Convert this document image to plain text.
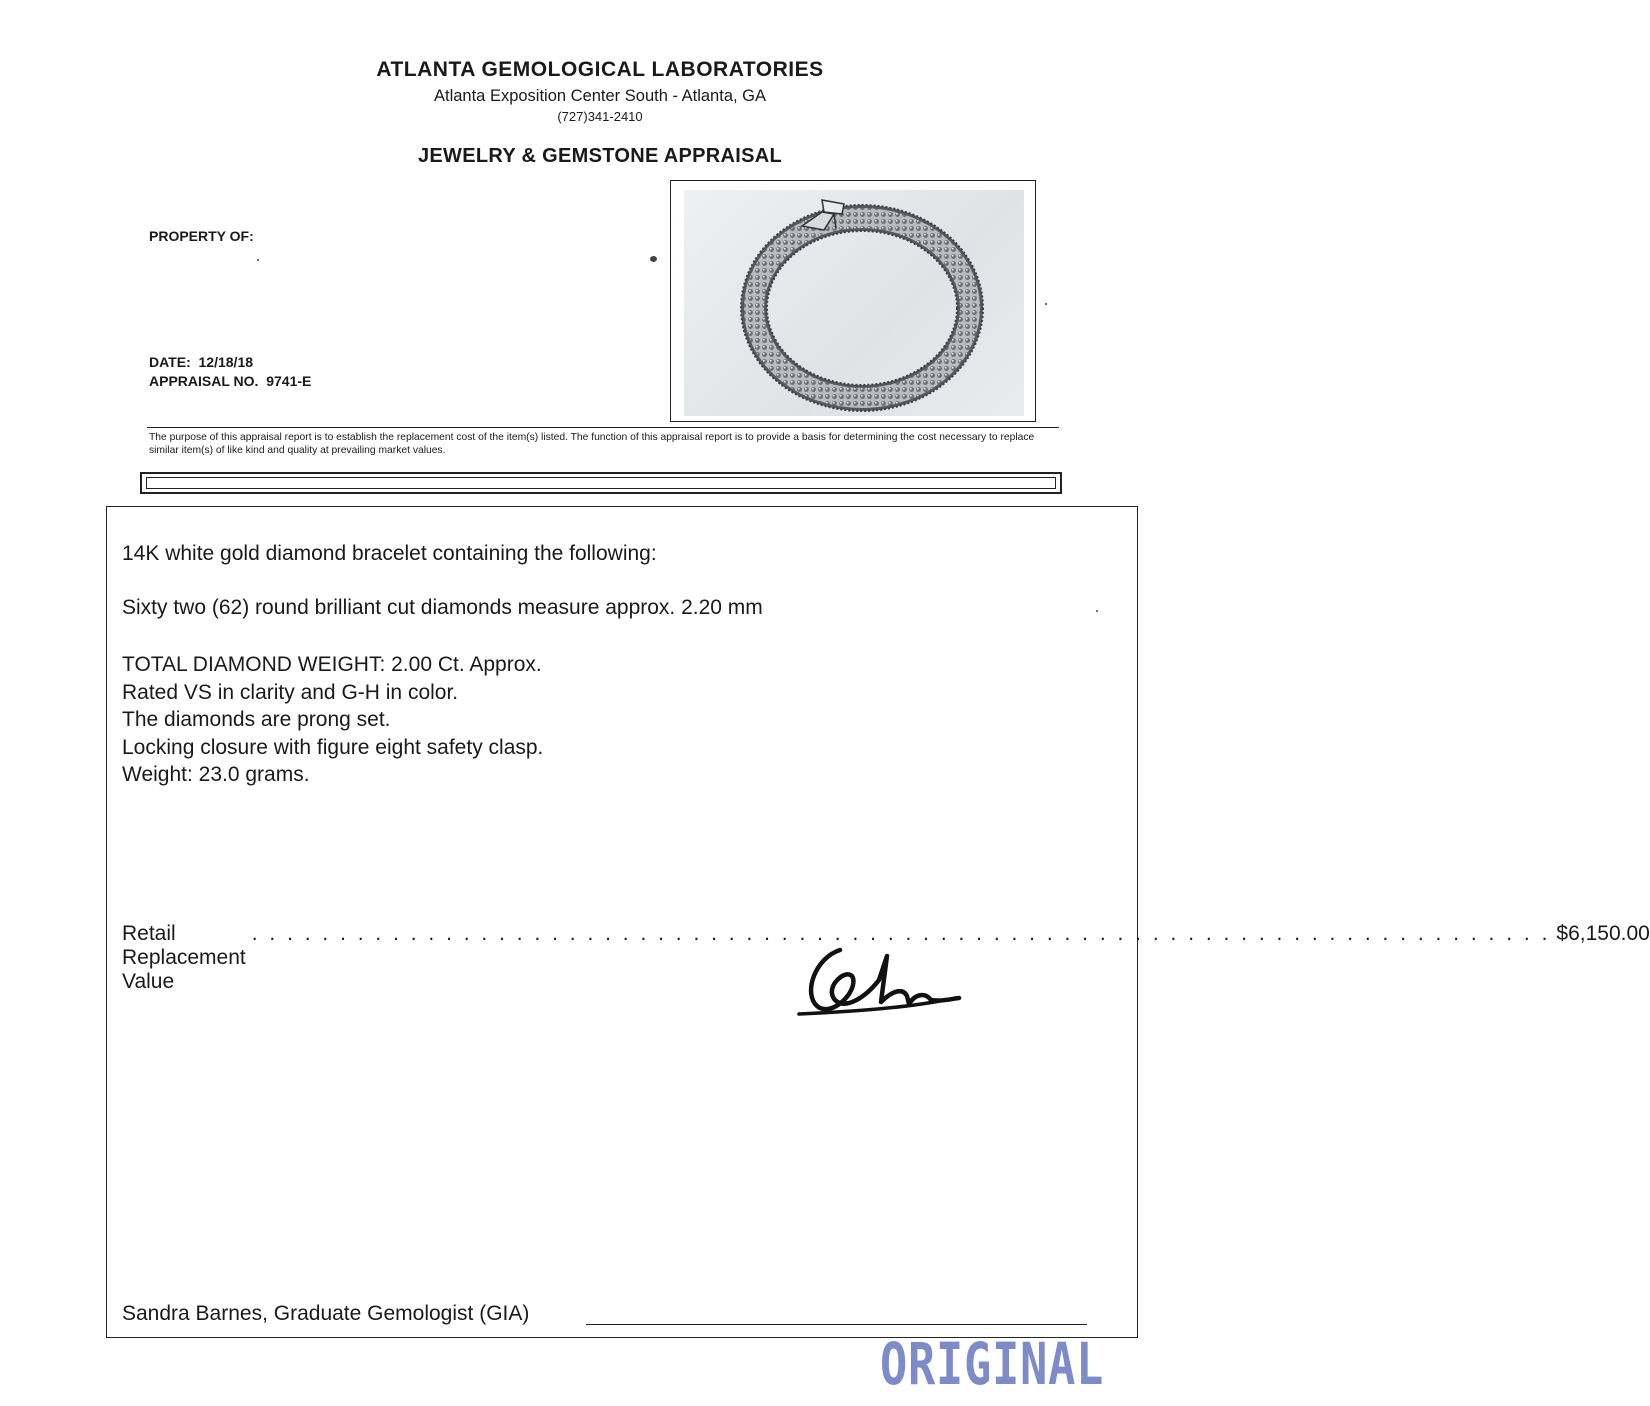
ATLANTA GEMOLOGICAL LABORATORIES
Atlanta Exposition Center South - Atlanta, GA
(727)341-2410
JEWELRY & GEMSTONE APPRAISAL
PROPERTY OF:
DATE: 12/18/18
APPRAISAL NO. 9741-E
The purpose of this appraisal report is to establish the replacement cost of the item(s) listed. The function of this appraisal report is to provide a basis for determining the cost necessary to replace similar item(s) of like kind and quality at prevailing market values.
14K white gold diamond bracelet containing the following:
Sixty two (62) round brilliant cut diamonds measure approx. 2.20 mm
TOTAL DIAMOND WEIGHT: 2.00 Ct. Approx.
Rated VS in clarity and G-H in color.
The diamonds are prong set.
Locking closure with figure eight safety clasp.
Weight: 23.0 grams.
Retail Replacement Value
. . . . . . . . . . . . . . . . . . . . . . . . . . . . . . . . . . . . . . . . . . . . . . . . . . . . . . . . . . . . . . . . . . . . . . . . . . $6,150.00
Sandra Barnes, Graduate Gemologist (GIA)
ORIGINAL
